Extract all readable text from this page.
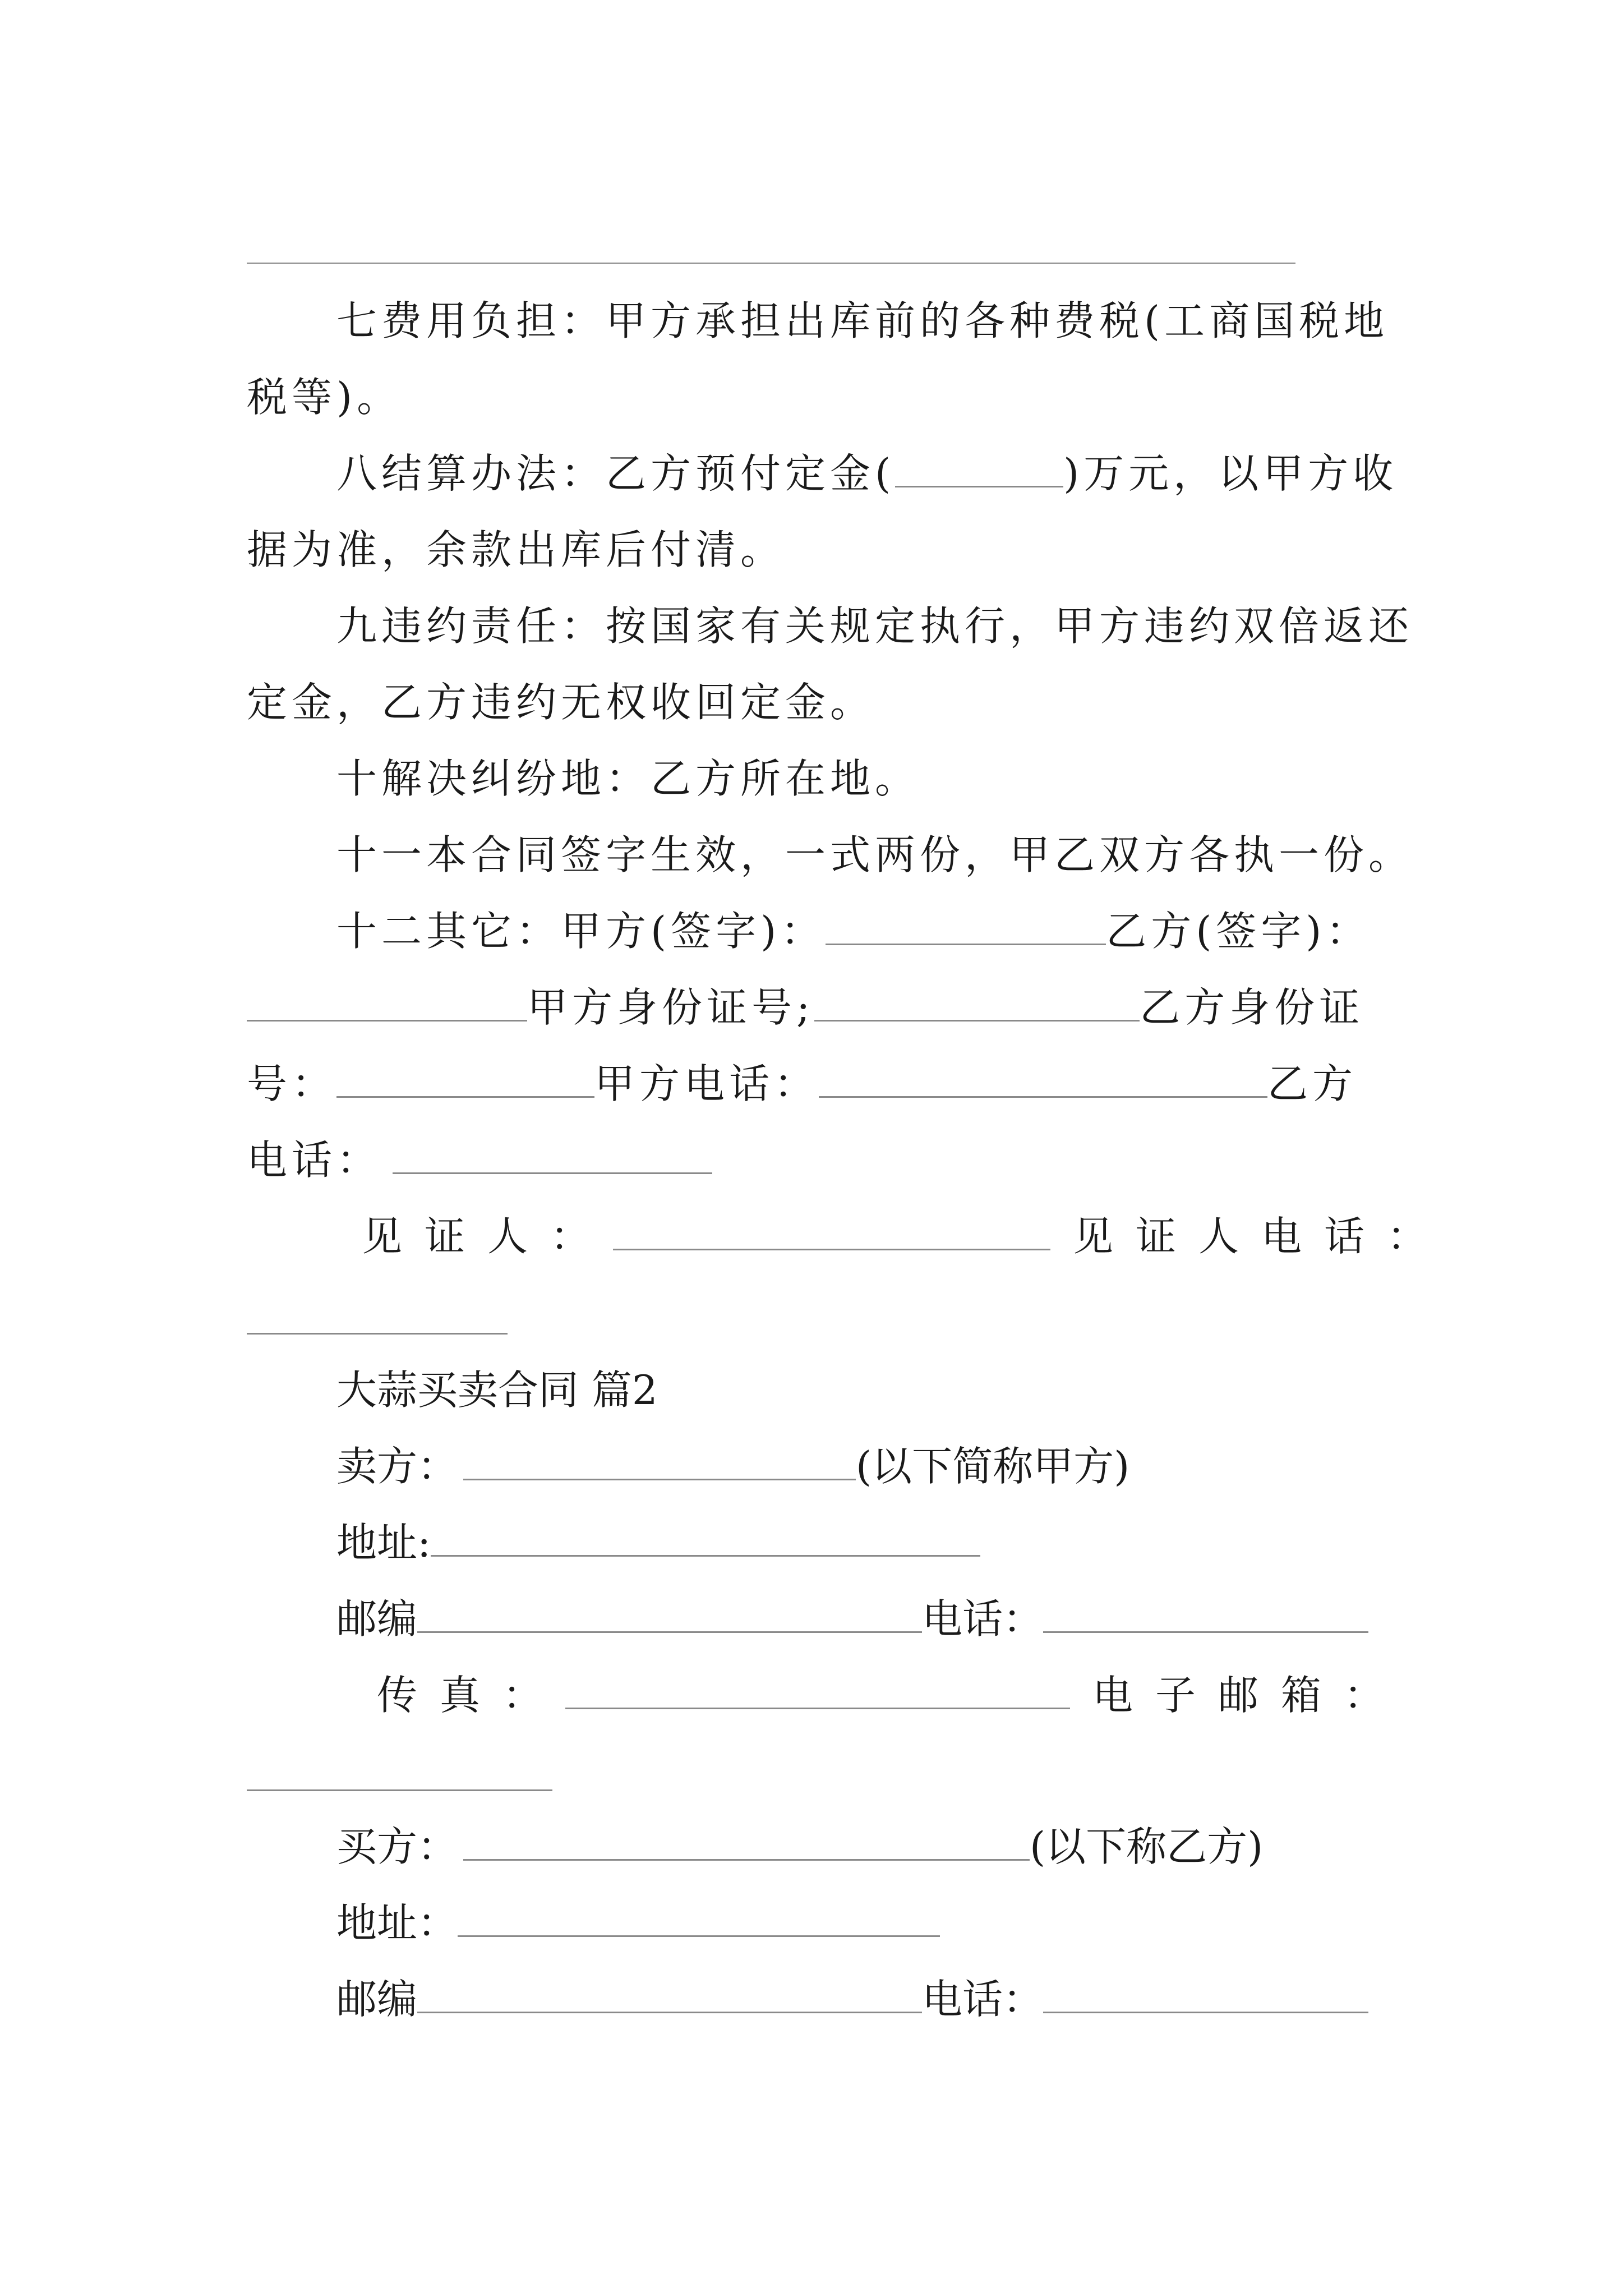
七费用负担：甲方承担出库前的各种费税(工商国税地
税等)。
八结算办法：乙方预付定金(	)万元，以甲方收
据为准，余款出库后付清。
九违约责任：按国家有关规定执行，甲方违约双倍返还
定金，乙方违约无权收回定金。
十解决纠纷地：乙方所在地。
十一本合同签字生效，一式两份，甲乙双方各执一份。
十二其它：甲方(签字)：	乙方(签字)：
甲方身份证号;	乙方身份证
号：	甲方电话：	乙方
电话：
见证人：	见证人电话：
大蒜买卖合同 篇2
卖方：	(以下简称甲方)
地址:
邮编	电话：
传真：	电子邮箱：
买方：	(以下称乙方)
地址：
邮编	电话：
